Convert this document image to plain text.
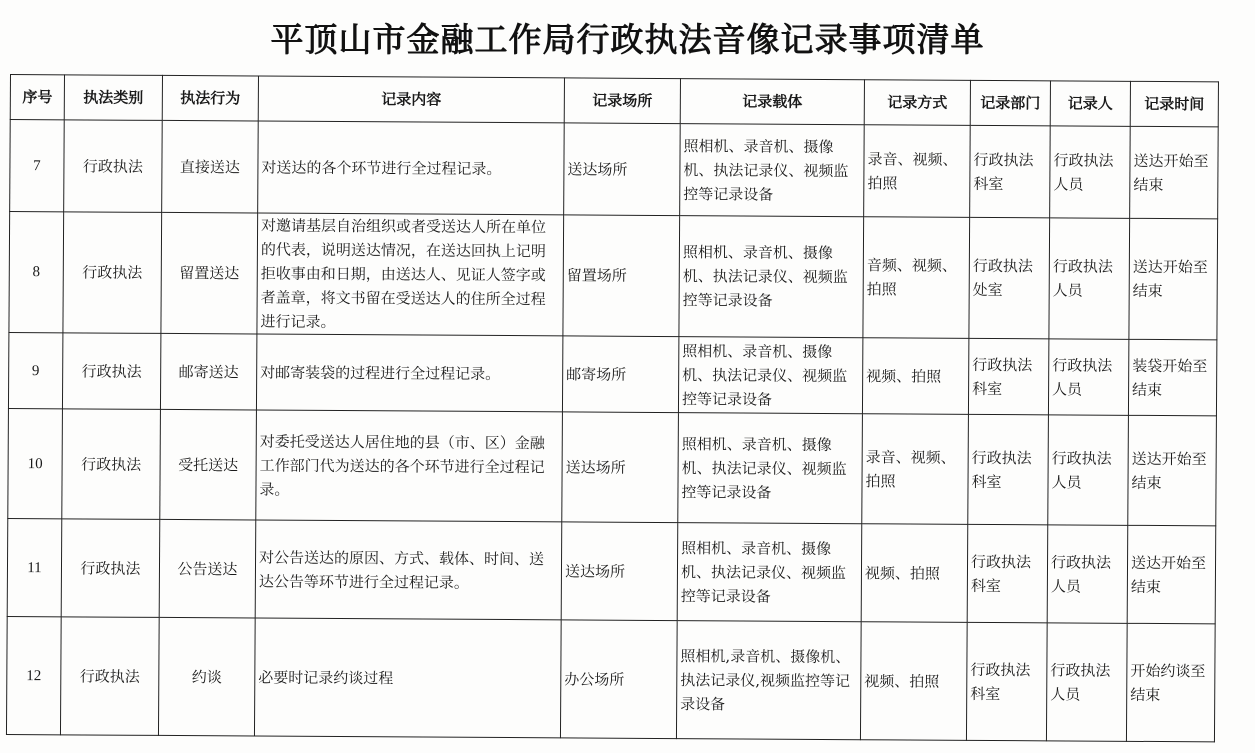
平顶山市金融工作局行政执法音像记录事项清单
序号	执法类别	执法行为	记录内容	记录场所	记录载体	记录方式	记录部门	记录人	记录时间
7	行政执法	直接送达	对送达的各个环节进行全过程记录。	送达场所	照相机、录音机、摄像机、执法记录仪、视频监控等记录设备	录音、视频、拍照	行政执法科室	行政执法人员	送达开始至结束
8	行政执法	留置送达	对邀请基层自治组织或者受送达人所在单位的代表，说明送达情况，在送达回执上记明拒收事由和日期，由送达人、见证人签字或者盖章，将文书留在受送达人的住所全过程进行记录。	留置场所	照相机、录音机、摄像机、执法记录仪、视频监控等记录设备	音频、视频、拍照	行政执法处室	行政执法人员	送达开始至结束
9	行政执法	邮寄送达	对邮寄装袋的过程进行全过程记录。	邮寄场所	照相机、录音机、摄像机、执法记录仪、视频监控等记录设备	视频、拍照	行政执法科室	行政执法人员	装袋开始至结束
10	行政执法	受托送达	对委托受送达人居住地的县（市、区）金融工作部门代为送达的各个环节进行全过程记录。	送达场所	照相机、录音机、摄像机、执法记录仪、视频监控等记录设备	录音、视频、拍照	行政执法科室	行政执法人员	送达开始至结束
11	行政执法	公告送达	对公告送达的原因、方式、载体、时间、送达公告等环节进行全过程记录。	送达场所	照相机、录音机、摄像机、执法记录仪、视频监控等记录设备	视频、拍照	行政执法科室	行政执法人员	送达开始至结束
12	行政执法	约谈	必要时记录约谈过程	办公场所	照相机,录音机、摄像机、执法记录仪,视频监控等记录设备	视频、拍照	行政执法科室	行政执法人员	开始约谈至结束
